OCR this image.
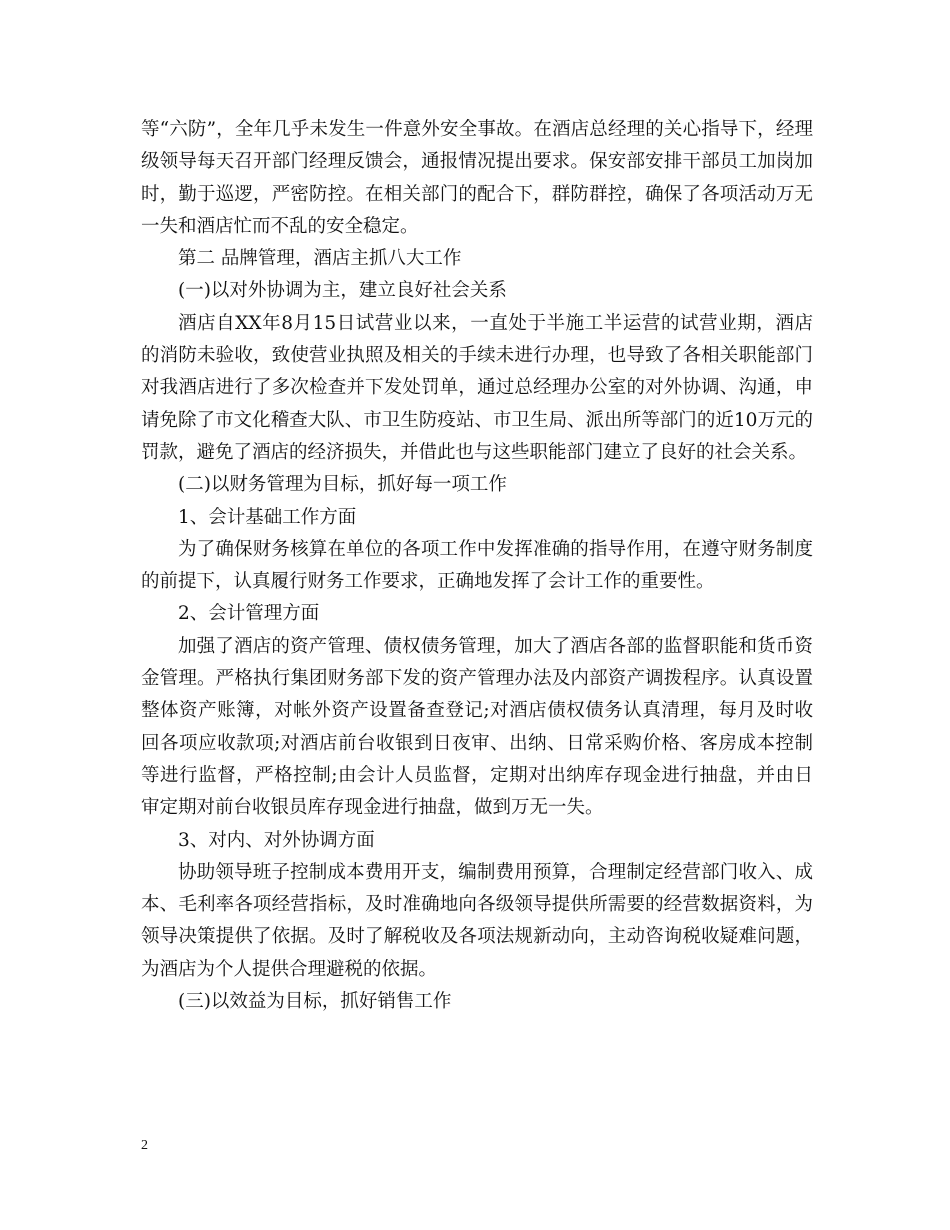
等“六防”，全年几乎未发生一件意外安全事故。在酒店总经理的关心指导下，经理级领导每天召开部门经理反馈会，通报情况提出要求。保安部安排干部员工加岗加时，勤于巡逻，严密防控。在相关部门的配合下，群防群控，确保了各项活动万无一失和酒店忙而不乱的安全稳定。

第二 品牌管理，酒店主抓八大工作

(一)以对外协调为主，建立良好社会关系

酒店自XX年8月15日试营业以来，一直处于半施工半运营的试营业期，酒店的消防未验收，致使营业执照及相关的手续未进行办理，也导致了各相关职能部门对我酒店进行了多次检查并下发处罚单，通过总经理办公室的对外协调、沟通，申请免除了市文化稽查大队、市卫生防疫站、市卫生局、派出所等部门的近10万元的罚款，避免了酒店的经济损失，并借此也与这些职能部门建立了良好的社会关系。

(二)以财务管理为目标，抓好每一项工作

1、会计基础工作方面

为了确保财务核算在单位的各项工作中发挥准确的指导作用，在遵守财务制度的前提下，认真履行财务工作要求，正确地发挥了会计工作的重要性。

2、会计管理方面

加强了酒店的资产管理、债权债务管理，加大了酒店各部的监督职能和货币资金管理。严格执行集团财务部下发的资产管理办法及内部资产调拨程序。认真设置整体资产账簿，对帐外资产设置备查登记;对酒店债权债务认真清理，每月及时收回各项应收款项;对酒店前台收银到日夜审、出纳、日常采购价格、客房成本控制等进行监督，严格控制;由会计人员监督，定期对出纳库存现金进行抽盘，并由日审定期对前台收银员库存现金进行抽盘，做到万无一失。

3、对内、对外协调方面

协助领导班子控制成本费用开支，编制费用预算，合理制定经营部门收入、成本、毛利率各项经营指标，及时准确地向各级领导提供所需要的经营数据资料，为领导决策提供了依据。及时了解税收及各项法规新动向，主动咨询税收疑难问题，为酒店为个人提供合理避税的依据。

(三)以效益为目标，抓好销售工作

2
